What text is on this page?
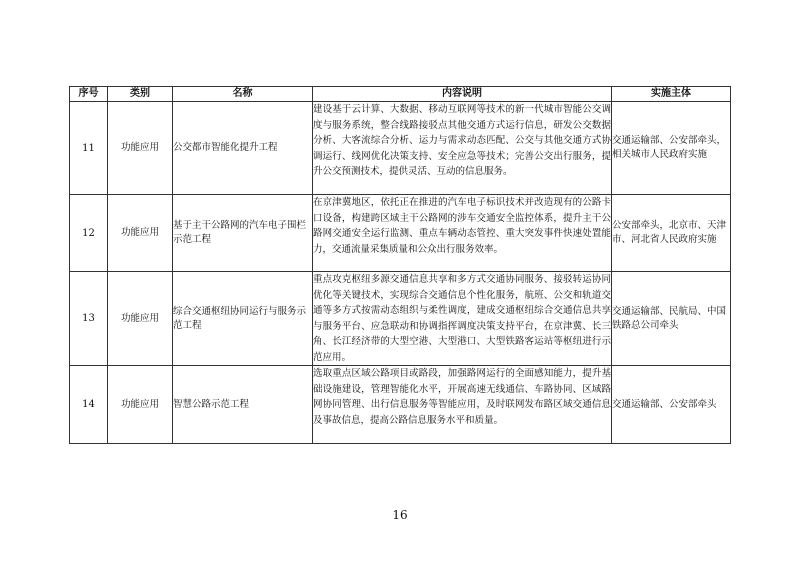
序号	类别	名称	内容说明	实施主体
11	功能应用	公交都市智能化提升工程	建设基于云计算、大数据、移动互联网等技术的新一代城市智能公交调度与服务系统，整合线路接驳点其他交通方式运行信息，研发公交数据分析、大客流综合分析、运力与需求动态匹配、公交与其他交通方式协调运行、线网优化决策支持、安全应急等技术；完善公交出行服务，提升公交预测技术，提供灵活、互动的信息服务。	交通运输部、公安部牵头，相关城市人民政府实施
12	功能应用	基于主干公路网的汽车电子围栏示范工程	在京津冀地区，依托正在推进的汽车电子标识技术并改造现有的公路卡口设备，构建跨区域主干公路网的涉车交通安全监控体系，提升主干公路网交通安全运行监测、重点车辆动态管控、重大突发事件快速处置能力，交通流量采集质量和公众出行服务效率。	公安部牵头，北京市、天津市、河北省人民政府实施
13	功能应用	综合交通枢纽协同运行与服务示范工程	重点攻克枢纽多源交通信息共享和多方式交通协同服务、接驳转运协同优化等关键技术，实现综合交通信息个性化服务，航班、公交和轨道交通等多方式按需动态组织与柔性调度，建成交通枢纽综合交通信息共享与服务平台、应急联动和协调指挥调度决策支持平台，在京津冀、长三角、长江经济带的大型空港、大型港口、大型铁路客运站等枢纽进行示范应用。	交通运输部、民航局、中国铁路总公司牵头
14	功能应用	智慧公路示范工程	选取重点区域公路项目或路段，加强路网运行的全面感知能力，提升基础设施建设，管理智能化水平，开展高速无线通信、车路协同、区域路网协同管理、出行信息服务等智能应用，及时联网发布路区域交通信息及事故信息，提高公路信息服务水平和质量。	交通运输部、公安部牵头
16
